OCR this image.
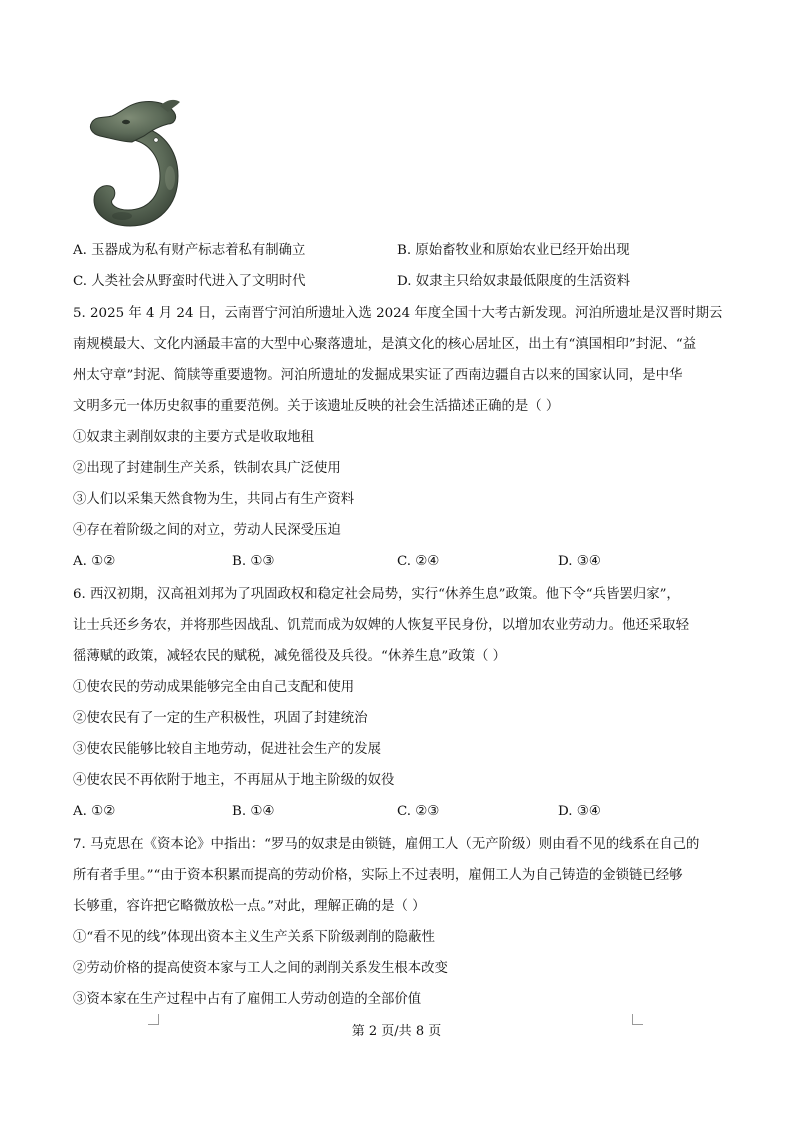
A. 玉器成为私有财产标志着私有制确立	B. 原始畜牧业和原始农业已经开始出现
C. 人类社会从野蛮时代进入了文明时代	D. 奴隶主只给奴隶最低限度的生活资料
5. 2025 年 4 月 24 日，云南晋宁河泊所遗址入选 2024 年度全国十大考古新发现。河泊所遗址是汉晋时期云
南规模最大、文化内涵最丰富的大型中心聚落遗址，是滇文化的核心居址区，出土有“滇国相印”封泥、“益
州太守章”封泥、简牍等重要遗物。河泊所遗址的发掘成果实证了西南边疆自古以来的国家认同，是中华
文明多元一体历史叙事的重要范例。关于该遗址反映的社会生活描述正确的是（ ）
①奴隶主剥削奴隶的主要方式是收取地租
②出现了封建制生产关系，铁制农具广泛使用
③人们以采集天然食物为生，共同占有生产资料
④存在着阶级之间的对立，劳动人民深受压迫
A. ①②	B. ①③	C. ②④	D. ③④
6. 西汉初期，汉高祖刘邦为了巩固政权和稳定社会局势，实行“休养生息”政策。他下令“兵皆罢归家”，
让士兵还乡务农，并将那些因战乱、饥荒而成为奴婢的人恢复平民身份，以增加农业劳动力。他还采取轻
徭薄赋的政策，减轻农民的赋税，减免徭役及兵役。“休养生息”政策（ ）
①使农民的劳动成果能够完全由自己支配和使用
②使农民有了一定的生产积极性，巩固了封建统治
③使农民能够比较自主地劳动，促进社会生产的发展
④使农民不再依附于地主，不再屈从于地主阶级的奴役
A. ①②	B. ①④	C. ②③	D. ③④
7. 马克思在《资本论》中指出：“罗马的奴隶是由锁链，雇佣工人（无产阶级）则由看不见的线系在自己的
所有者手里。”“由于资本积累而提高的劳动价格，实际上不过表明，雇佣工人为自己铸造的金锁链已经够
长够重，容许把它略微放松一点。”对此，理解正确的是（ ）
①“看不见的线”体现出资本主义生产关系下阶级剥削的隐蔽性
②劳动价格的提高使资本家与工人之间的剥削关系发生根本改变
③资本家在生产过程中占有了雇佣工人劳动创造的全部价值
第 2 页/共 8 页
